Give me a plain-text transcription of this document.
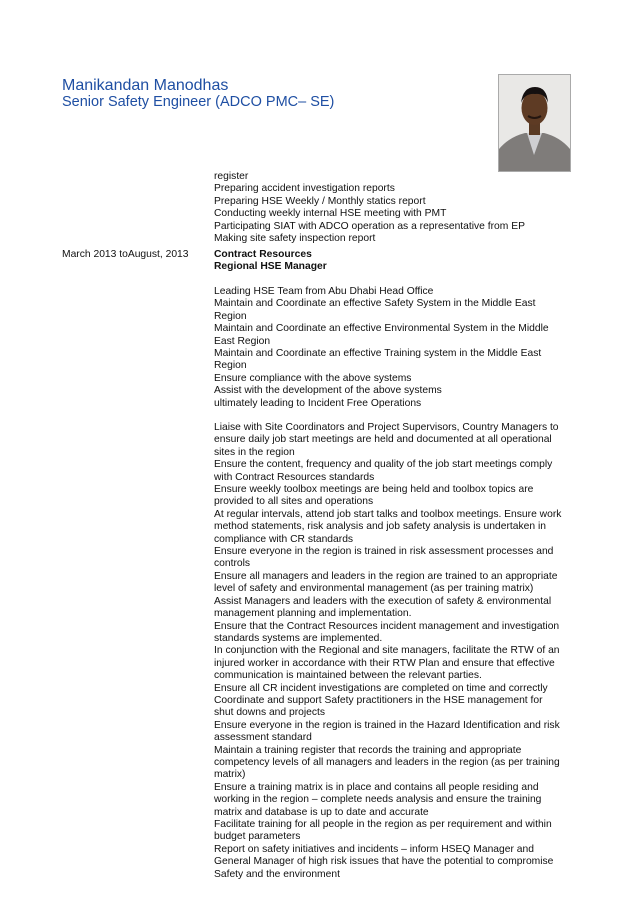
Manikandan Manodhas
Senior Safety Engineer (ADCO PMC– SE)
register
Preparing accident investigation reports
Preparing HSE Weekly / Monthly statics report
Conducting weekly internal HSE meeting with PMT
Participating SIAT with ADCO operation as a representative from EP
Making site safety inspection report
March 2013 toAugust, 2013 Contract Resources
Regional HSE Manager
Leading HSE Team from Abu Dhabi Head Office
Maintain and Coordinate an effective Safety System in the Middle East
Region
Maintain and Coordinate an effective Environmental System in the Middle
East Region
Maintain and Coordinate an effective Training system in the Middle East
Region
Ensure compliance with the above systems
Assist with the development of the above systems
ultimately leading to Incident Free Operations
Liaise with Site Coordinators and Project Supervisors, Country Managers to
ensure daily job start meetings are held and documented at all operational
sites in the region
Ensure the content, frequency and quality of the job start meetings comply
with Contract Resources standards
Ensure weekly toolbox meetings are being held and toolbox topics are
provided to all sites and operations
At regular intervals, attend job start talks and toolbox meetings. Ensure work
method statements, risk analysis and job safety analysis is undertaken in
compliance with CR standards
Ensure everyone in the region is trained in risk assessment processes and
controls
Ensure all managers and leaders in the region are trained to an appropriate
level of safety and environmental management (as per training matrix)
Assist Managers and leaders with the execution of safety & environmental
management planning and implementation.
Ensure that the Contract Resources incident management and investigation
standards systems are implemented.
In conjunction with the Regional and site managers, facilitate the RTW of an
injured worker in accordance with their RTW Plan and ensure that effective
communication is maintained between the relevant parties.
Ensure all CR incident investigations are completed on time and correctly
Coordinate and support Safety practitioners in the HSE management for
shut downs and projects
Ensure everyone in the region is trained in the Hazard Identification and risk
assessment standard
Maintain a training register that records the training and appropriate
competency levels of all managers and leaders in the region (as per training
matrix)
Ensure a training matrix is in place and contains all people residing and
working in the region – complete needs analysis and ensure the training
matrix and database is up to date and accurate
Facilitate training for all people in the region as per requirement and within
budget parameters
Report on safety initiatives and incidents – inform HSEQ Manager and
General Manager of high risk issues that have the potential to compromise
Safety and the environment
